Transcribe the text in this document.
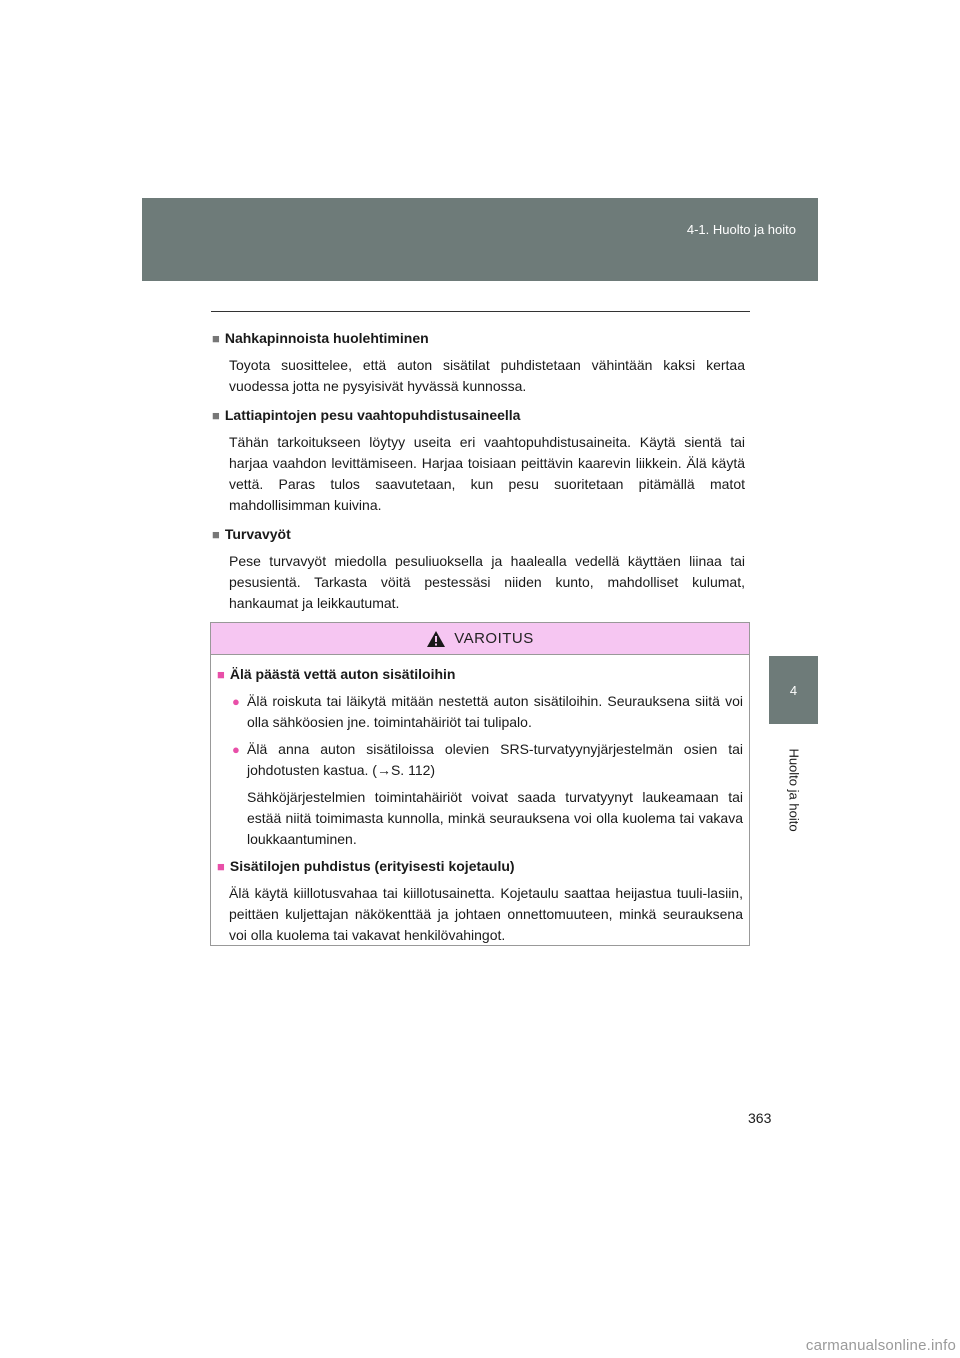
4-1. Huolto ja hoito
4
Huolto ja hoito
■ Nahkapinnoista huolehtiminen

Toyota suosittelee, että auton sisätilat puhdistetaan vähintään kaksi kertaa vuodessa jotta ne pysyisivät hyvässä kunnossa.

■ Lattiapintojen pesu vaahtopuhdistusaineella

Tähän tarkoitukseen löytyy useita eri vaahtopuhdistusaineita. Käytä sientä tai harjaa vaahdon levittämiseen. Harjaa toisiaan peittävin kaarevin liikkein. Älä käytä vettä. Paras tulos saavutetaan, kun pesu suoritetaan pitämällä matot mahdollisimman kuivina.

■ Turvavyöt

Pese turvavyöt miedolla pesuliuoksella ja haalealla vedellä käyttäen liinaa tai pesusientä. Tarkasta vöitä pestessäsi niiden kunto, mahdolliset kulumat, hankaumat ja leikkautumat.

VAROITUS
■ Älä päästä vettä auton sisätiloihin
● Älä roiskuta tai läikytä mitään nestettä auton sisätiloihin. Seurauksena siitä voi olla sähköosien jne. toimintahäiriöt tai tulipalo.
● Älä anna auton sisätiloissa olevien SRS-turvatyynyjärjestelmän osien tai johdotusten kastua. (→S. 112)

Sähköjärjestelmien toimintahäiriöt voivat saada turvatyynyt laukeamaan tai estää niitä toimimasta kunnolla, minkä seurauksena voi olla kuolema tai vakava loukkaantuminen.

■ Sisätilojen puhdistus (erityisesti kojetaulu)

Älä käytä kiillotusvahaa tai kiillotusainetta. Kojetaulu saattaa heijastua tuuli-lasiin, peittäen kuljettajan näkökenttää ja johtaen onnettomuuteen, minkä seurauksena voi olla kuolema tai vakavat henkilövahingot.

363
carmanualsonline.info
